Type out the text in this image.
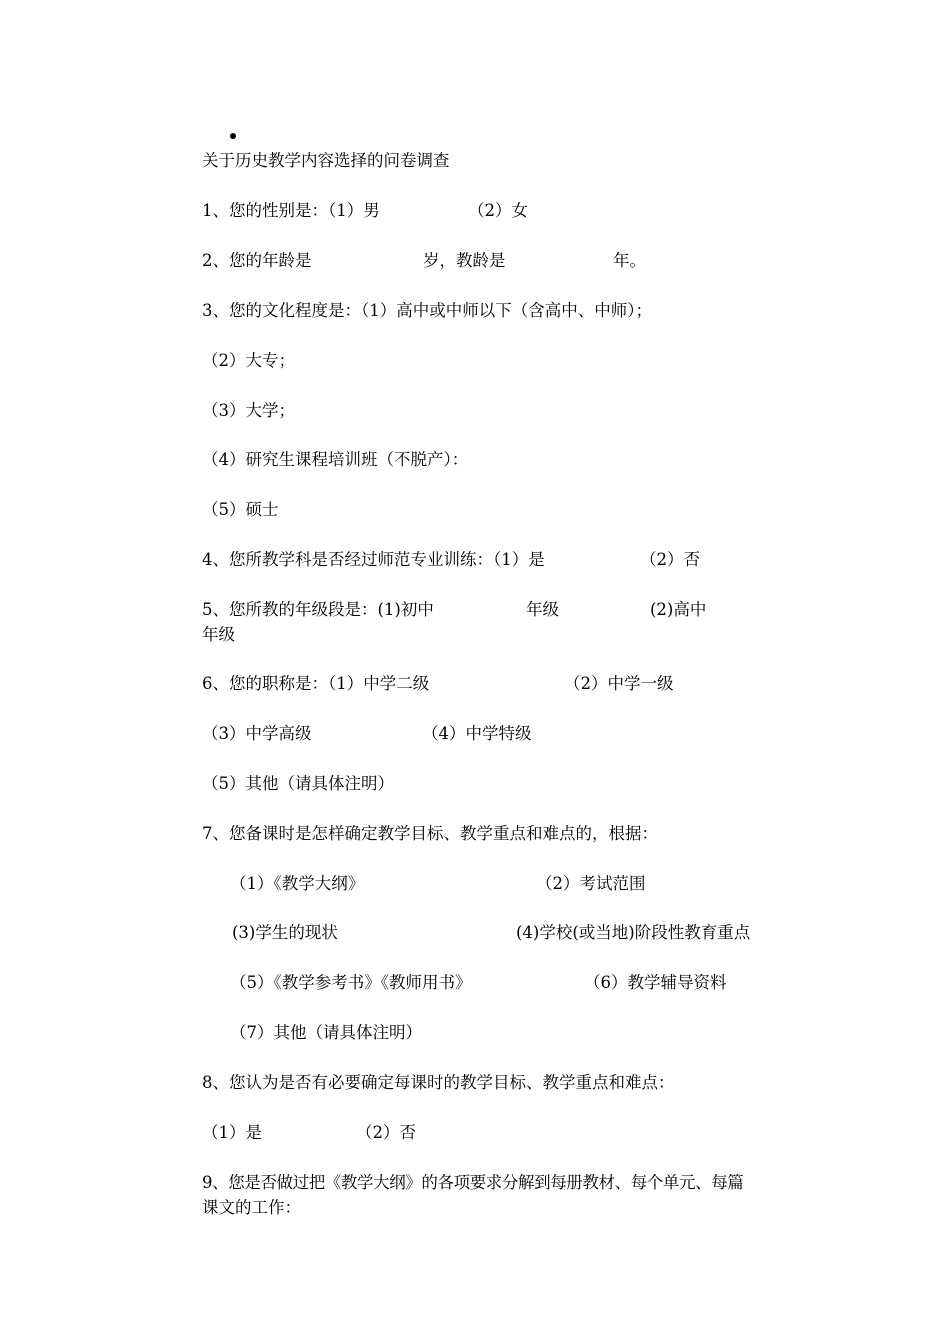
关于历史教学内容选择的问卷调查
1、您的性别是：（1）男	（2）女
2、您的年龄是	岁，教龄是	年。
3、您的文化程度是：（1）高中或中师以下（含高中、中师）；
（2）大专；
（3）大学；
（4）研究生课程培训班（不脱产）：
（5）硕士
4、您所教学科是否经过师范专业训练：（1）是	（2）否
5、您所教的年级段是：(1)初中	年级	(2)高中
年级
6、您的职称是：（1）中学二级	（2）中学一级
（3）中学高级	（4）中学特级
（5）其他（请具体注明）
7、您备课时是怎样确定教学目标、教学重点和难点的，根据：
（1）《教学大纲》	（2）考试范围
(3)学生的现状	(4)学校(或当地)阶段性教育重点
（5）《教学参考书》《教师用书》	（6）教学辅导资料
（7）其他（请具体注明）
8、您认为是否有必要确定每课时的教学目标、教学重点和难点：
（1）是	（2）否
9、您是否做过把《教学大纲》的各项要求分解到每册教材、每个单元、每篇
课文的工作：
